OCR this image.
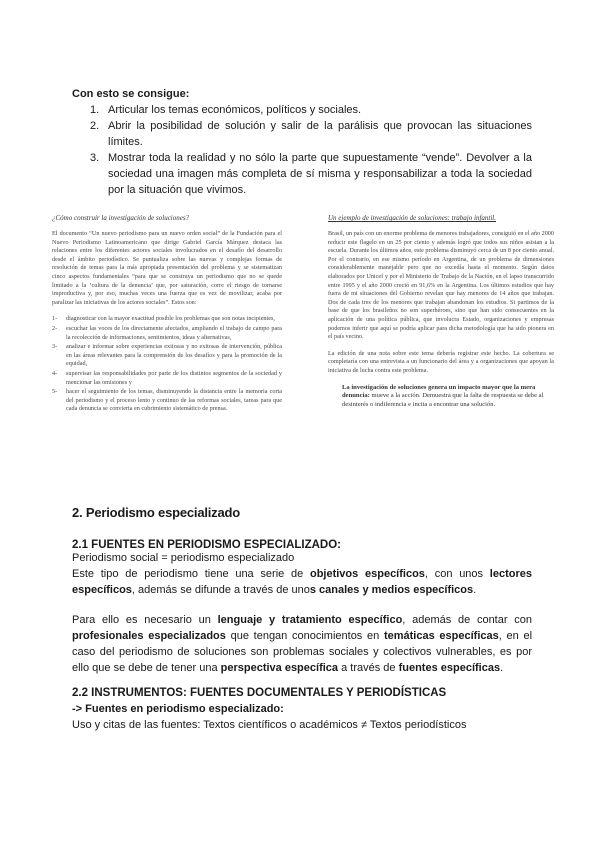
Con esto se consigue:
1. Articular los temas económicos, políticos y sociales.
2. Abrir la posibilidad de solución y salir de la parálisis que provocan las situaciones límites.
3. Mostrar toda la realidad y no sólo la parte que supuestamente “vende”. Devolver a la sociedad una imagen más completa de sí misma y responsabilizar a toda la sociedad por la situación que vivimos.
¿Cómo construir la investigación de soluciones?

El documento “Un nuevo periodismo para un nuevo orden social” de la Fundación para el Nuevo Periodismo Latinoamericano que dirige Gabriel García Márquez destaca las relaciones entre los diferentes actores sociales involucrados en el desafío del desarrollo desde el ámbito periodístico. Se puntualiza sobre las nuevas y complejas formas de resolución de temas para la más apropiada presentación del problema y se sistematizan cinco aspectos fundamentales “para que se construya un periodismo que no se quede limitado a la ‘cultura de la denuncia’ que, por saturación, corre el riesgo de tornarse improductiva y, por eso, muchas veces una fuerza que es vez de movilizar, acaba por paralizar las iniciativas de los actores sociales”. Estos son:

1- diagnosticar con la mayor exactitud posible los problemas que son notas incipientes,
2- escuchar las voces de los directamente afectados, ampliando el trabajo de campo para la recolección de informaciones, sentimientos, ideas y alternativas,
3- analizar e informar sobre experiencias exitosas y no exitosas de intervención, pública en las áreas relevantes para la comprensión de los desafíos y para la promoción de la equidad,
4- supervisar las responsabilidades por parte de los distintos segmentos de la sociedad y mencionar las omisiones y
5- hacer el seguimiento de los temas, disminuyendo la distancia entre la memoria corta del periodismo y el proceso lento y continuo de las reformas sociales, tareas para que cada denuncia se convierta en cubrimiento sistemático de prensa.
Un ejemplo de investigación de soluciones: trabajo infantil.

Brasil, un país con un enorme problema de menores trabajadores, consiguió en el año 2000 reducir este flagelo en un 25 por ciento y además logró que todos sus niños asistan a la escuela. Durante los últimos años, este problema disminuyó cerca de un 8 por ciento anual. Por el contrario, en ese mismo período en Argentina, de un problema de dimensiones considerablemente manejable pero que no excedía hasta el momento. Según datos elaborados por Unicef y por el Ministerio de Trabajo de la Nación, en el lapso transcurrido entre 1995 y el año 2000 creció en 91,6% en la Argentina. Los últimos estudios que hay fuera de mi situaciones del Gobierno revelan que hay menores de 14 años que trabajan. Dos de cada tres de los menores que trabajan abandonan los estudios. Si partimos de la base de que los brasileños no son superhéroes, sino que han sido consecuentes en la aplicación de una política pública, que involucra Estado, organizaciones y empresas podemos inferir que aquí se podría aplicar para dicha metodología que ha sido pionera en el país vecino.

La edición de una nota sobre este tema debería registrar este hecho. La cobertura se completaría con una entrevista a un funcionario del área y a organizaciones que apoyan la iniciativa de lucha contra este problema.

La investigación de soluciones genera un impacto mayor que la mera denuncia: mueve a la acción. Demuestra que la falta de respuesta se debe al desinterés o indiferencia e incita a encontrar una solución.

2. Periodismo especializado
2.1 FUENTES EN PERIODISMO ESPECIALIZADO:

Periodismo social = periodismo especializado
Este tipo de periodismo tiene una serie de objetivos específicos, con unos lectores específicos, además se difunde a través de unos canales y medios específicos.

Para ello es necesario un lenguaje y tratamiento específico, además de contar con profesionales especializados que tengan conocimientos en temáticas específicas, en el caso del periodismo de soluciones son problemas sociales y colectivos vulnerables, es por ello que se debe de tener una perspectiva específica a través de fuentes específicas.

2.2 INSTRUMENTOS: FUENTES DOCUMENTALES Y PERIODÍSTICAS
-> Fuentes en periodismo especializado:
Uso y citas de las fuentes: Textos científicos o académicos ≠ Textos periodísticos
